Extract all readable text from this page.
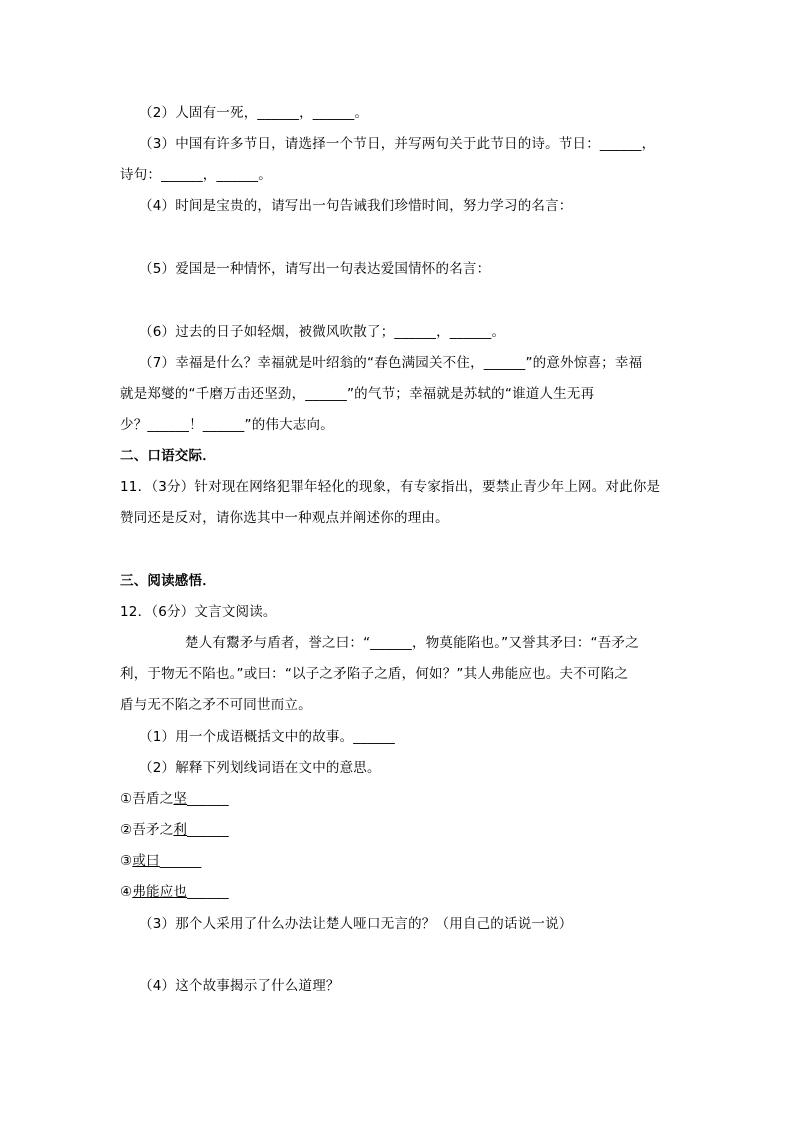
（2）人固有一死，______，______。
（3）中国有许多节日，请选择一个节日，并写两句关于此节日的诗。节日：______，
诗句：______，______。
（4）时间是宝贵的，请写出一句告诫我们珍惜时间，努力学习的名言：
（5）爱国是一种情怀，请写出一句表达爱国情怀的名言：
（6）过去的日子如轻烟，被微风吹散了；______，______。
（7）幸福是什么？幸福就是叶绍翁的“春色满园关不住，______”的意外惊喜；幸福
就是郑燮的“千磨万击还坚劲，______”的气节；幸福就是苏轼的“谁道人生无再
少？______！______”的伟大志向。
二、口语交际．
11．（3分）针对现在网络犯罪年轻化的现象，有专家指出，要禁止青少年上网。对此你是
赞同还是反对，请你选其中一种观点并阐述你的理由。
三、阅读感悟．
12．（6分）文言文阅读。
楚人有鬻矛与盾者，誉之曰：“______，物莫能陷也。”又誉其矛曰：“吾矛之
利，于物无不陷也。”或曰：“以子之矛陷子之盾，何如？”其人弗能应也。夫不可陷之
盾与无不陷之矛不可同世而立。
（1）用一个成语概括文中的故事。______
（2）解释下列划线词语在文中的意思。
①吾盾之坚______
②吾矛之利______
③或曰______
④弗能应也______
（3）那个人采用了什么办法让楚人哑口无言的？（用自己的话说一说）
（4）这个故事揭示了什么道理？
